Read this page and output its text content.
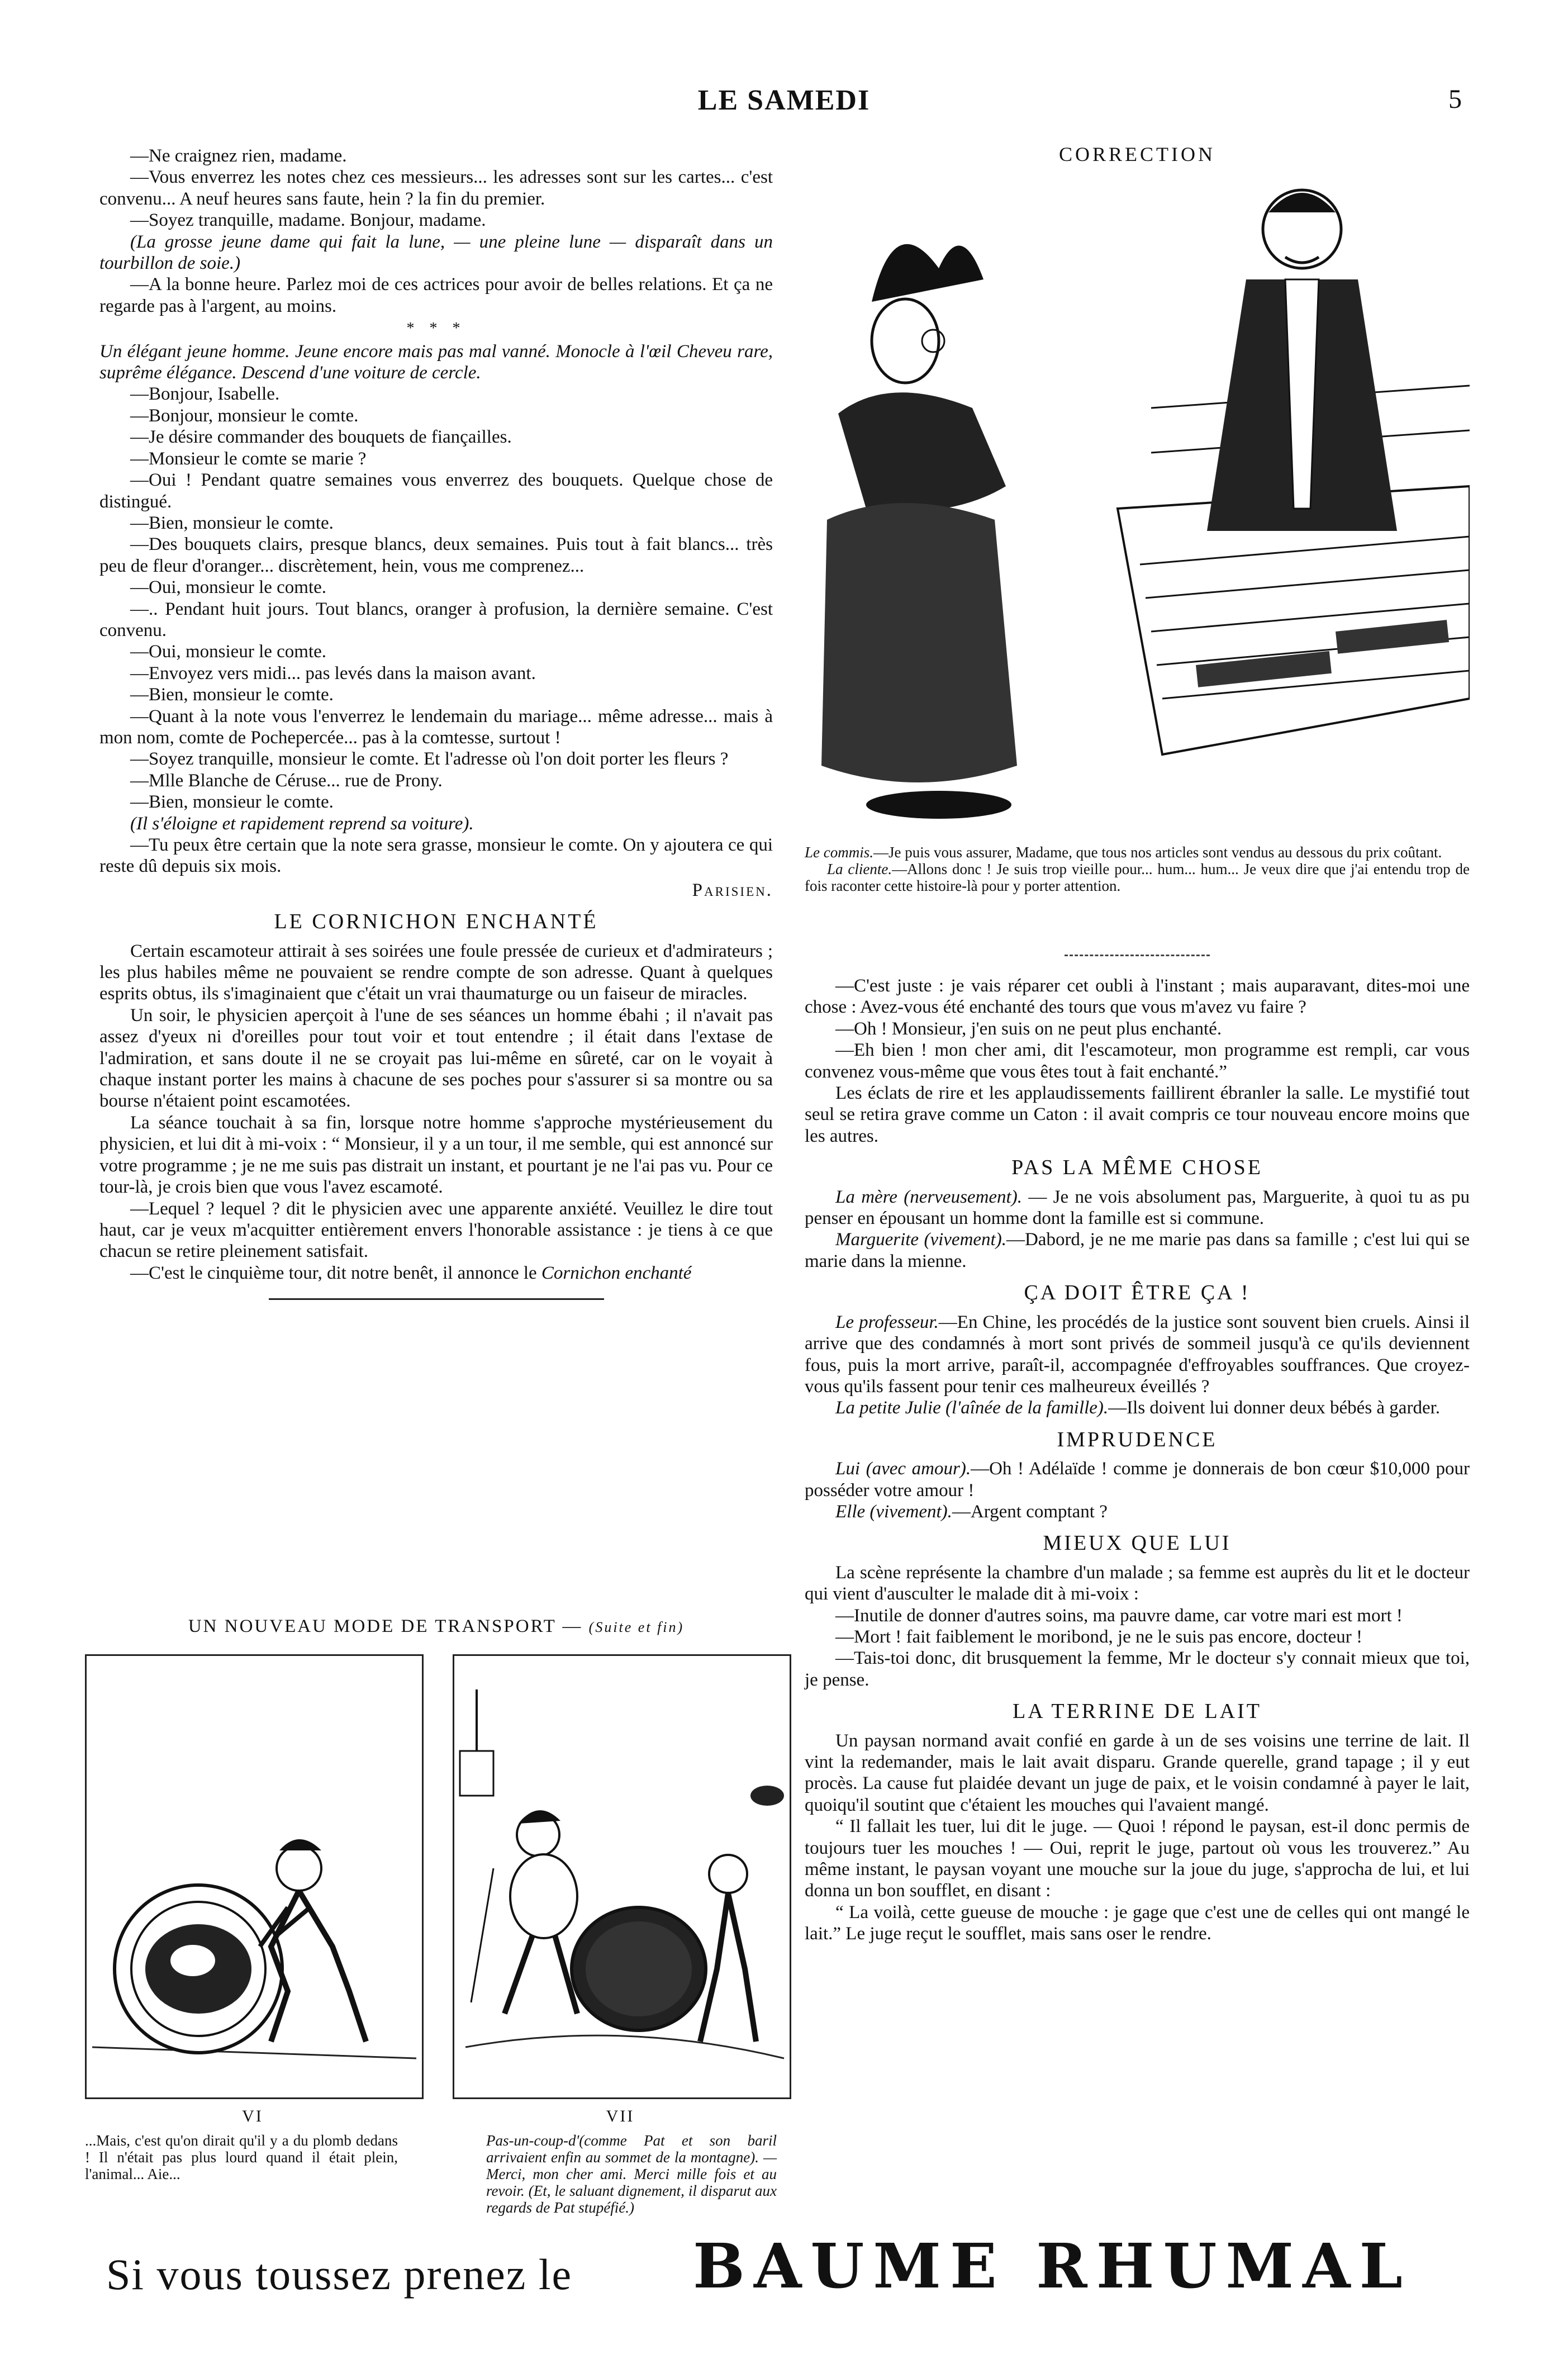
LE SAMEDI	5

—Ne craignez rien, madame.

—Vous enverrez les notes chez ces messieurs... les adresses sont sur les cartes... c'est convenu... A neuf heures sans faute, hein ? la fin du premier.

—Soyez tranquille, madame. Bonjour, madame.

(La grosse jeune dame qui fait la lune, — une pleine lune — disparaît dans un tourbillon de soie.)

—A la bonne heure. Parlez moi de ces actrices pour avoir de belles relations. Et ça ne regarde pas à l'argent, au moins.

* * *

Un élégant jeune homme. Jeune encore mais pas mal vanné. Monocle à l'œil Cheveu rare, suprême élégance. Descend d'une voiture de cercle.

—Bonjour, Isabelle.

—Bonjour, monsieur le comte.

—Je désire commander des bouquets de fiançailles.

—Monsieur le comte se marie ?

—Oui ! Pendant quatre semaines vous enverrez des bouquets. Quelque chose de distingué.

—Bien, monsieur le comte.

—Des bouquets clairs, presque blancs, deux semaines. Puis tout à fait blancs... très peu de fleur d'oranger... discrètement, hein, vous me comprenez...

—Oui, monsieur le comte.

—.. Pendant huit jours. Tout blancs, oranger à profusion, la dernière semaine. C'est convenu.

—Oui, monsieur le comte.

—Envoyez vers midi... pas levés dans la maison avant.

—Bien, monsieur le comte.

—Quant à la note vous l'enverrez le lendemain du mariage... même adresse... mais à mon nom, comte de Pochepercée... pas à la comtesse, surtout !

—Soyez tranquille, monsieur le comte. Et l'adresse où l'on doit porter les fleurs ?

—Mlle Blanche de Céruse... rue de Prony.

—Bien, monsieur le comte.

(Il s'éloigne et rapidement reprend sa voiture).

—Tu peux être certain que la note sera grasse, monsieur le comte. On y ajoutera ce qui reste dû depuis six mois.

Parisien.

LE CORNICHON ENCHANTÉ

Certain escamoteur attirait à ses soirées une foule pressée de curieux et d'admirateurs ; les plus habiles même ne pouvaient se rendre compte de son adresse. Quant à quelques esprits obtus, ils s'imaginaient que c'était un vrai thaumaturge ou un faiseur de miracles.

Un soir, le physicien aperçoit à l'une de ses séances un homme ébahi ; il n'avait pas assez d'yeux ni d'oreilles pour tout voir et tout entendre ; il était dans l'extase de l'admiration, et sans doute il ne se croyait pas lui-même en sûreté, car on le voyait à chaque instant porter les mains à chacune de ses poches pour s'assurer si sa montre ou sa bourse n'étaient point escamotées.

La séance touchait à sa fin, lorsque notre homme s'approche mystérieusement du physicien, et lui dit à mi-voix : “ Monsieur, il y a un tour, il me semble, qui est annoncé sur votre programme ; je ne me suis pas distrait un instant, et pourtant je ne l'ai pas vu. Pour ce tour-là, je crois bien que vous l'avez escamoté.

—Lequel ? lequel ? dit le physicien avec une apparente anxiété. Veuillez le dire tout haut, car je veux m'acquitter entièrement envers l'honorable assistance : je tiens à ce que chacun se retire pleinement satisfait.

—C'est le cinquième tour, dit notre benêt, il annonce le Cornichon enchanté

UN NOUVEAU MODE DE TRANSPORT — (Suite et fin)
VI
...Mais, c'est qu'on dirait qu'il y a du plomb dedans ! Il n'était pas plus lourd quand il était plein, l'animal... Aie...
VII
Pas-un-coup-d'(comme Pat et son baril arrivaient enfin au sommet de la montagne). — Merci, mon cher ami. Merci mille fois et au revoir. (Et, le saluant dignement, il disparut aux regards de Pat stupéfié.)
CORRECTION
Le commis.—Je puis vous assurer, Madame, que tous nos articles sont vendus au dessous du prix coûtant.
La cliente.—Allons donc ! Je suis trop vieille pour... hum... hum... Je veux dire que j'ai entendu trop de fois raconter cette histoire-là pour y porter attention.

—C'est juste : je vais réparer cet oubli à l'instant ; mais auparavant, dites-moi une chose : Avez-vous été enchanté des tours que vous m'avez vu faire ?

—Oh ! Monsieur, j'en suis on ne peut plus enchanté.

—Eh bien ! mon cher ami, dit l'escamoteur, mon programme est rempli, car vous convenez vous-même que vous êtes tout à fait enchanté.”

Les éclats de rire et les applaudissements faillirent ébranler la salle. Le mystifié tout seul se retira grave comme un Caton : il avait compris ce tour nouveau encore moins que les autres.

PAS LA MÊME CHOSE

La mère (nerveusement). — Je ne vois absolument pas, Marguerite, à quoi tu as pu penser en épousant un homme dont la famille est si commune.

Marguerite (vivement).—Dabord, je ne me marie pas dans sa famille ; c'est lui qui se marie dans la mienne.

ÇA DOIT ÊTRE ÇA !

Le professeur.—En Chine, les procédés de la justice sont souvent bien cruels. Ainsi il arrive que des condamnés à mort sont privés de sommeil jusqu'à ce qu'ils deviennent fous, puis la mort arrive, paraît-il, accompagnée d'effroyables souffrances. Que croyez-vous qu'ils fassent pour tenir ces malheureux éveillés ?

La petite Julie (l'aînée de la famille).—Ils doivent lui donner deux bébés à garder.

IMPRUDENCE

Lui (avec amour).—Oh ! Adélaïde ! comme je donnerais de bon cœur $10,000 pour posséder votre amour !

Elle (vivement).—Argent comptant ?

MIEUX QUE LUI

La scène représente la chambre d'un malade ; sa femme est auprès du lit et le docteur qui vient d'ausculter le malade dit à mi-voix :

—Inutile de donner d'autres soins, ma pauvre dame, car votre mari est mort !

—Mort ! fait faiblement le moribond, je ne le suis pas encore, docteur !

—Tais-toi donc, dit brusquement la femme, Mr le docteur s'y connait mieux que toi, je pense.

LA TERRINE DE LAIT

Un paysan normand avait confié en garde à un de ses voisins une terrine de lait. Il vint la redemander, mais le lait avait disparu. Grande querelle, grand tapage ; il y eut procès. La cause fut plaidée devant un juge de paix, et le voisin condamné à payer le lait, quoiqu'il soutint que c'étaient les mouches qui l'avaient mangé.

“ Il fallait les tuer, lui dit le juge. — Quoi ! répond le paysan, est-il donc permis de toujours tuer les mouches ! — Oui, reprit le juge, partout où vous les trouverez.” Au même instant, le paysan voyant une mouche sur la joue du juge, s'approcha de lui, et lui donna un bon soufflet, en disant :

“ La voilà, cette gueuse de mouche : je gage que c'est une de celles qui ont mangé le lait.” Le juge reçut le soufflet, mais sans oser le rendre.

Si vous toussez prenez le BAUME RHUMAL
